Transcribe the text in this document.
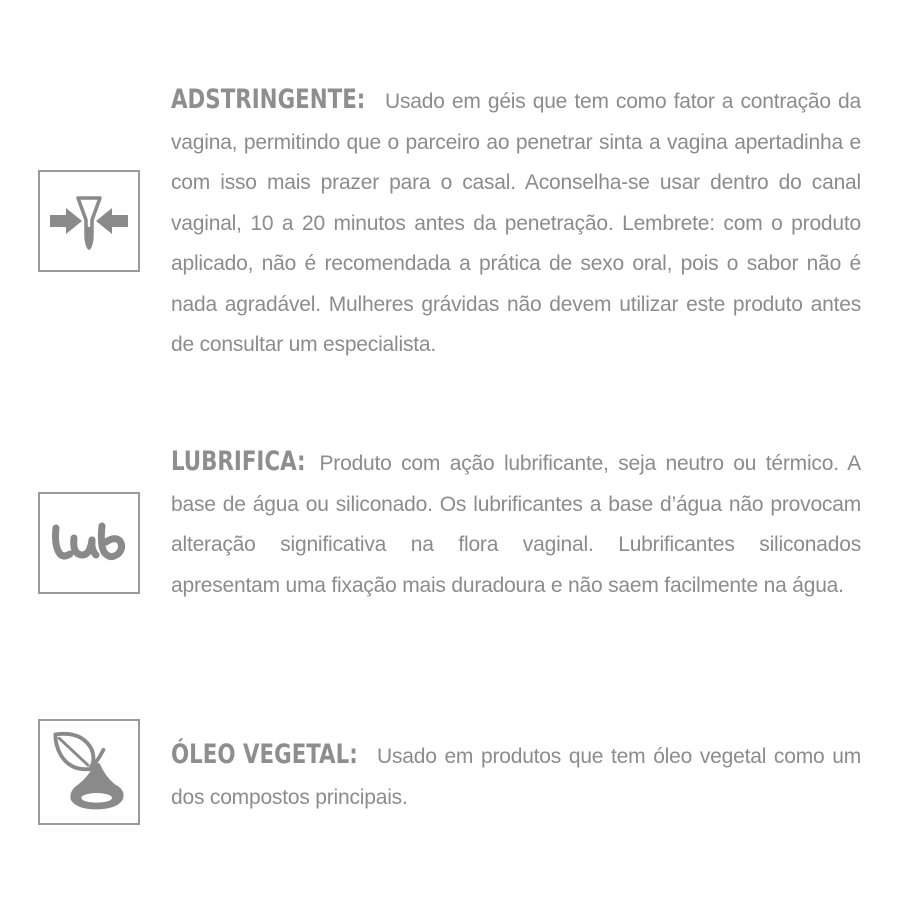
ADSTRINGENTE: Usado em géis que tem como fator a contração da vagina, permitindo que o parceiro ao penetrar sinta a vagina apertadinha e com isso mais prazer para o casal. Aconselha-se usar dentro do canal vaginal, 10 a 20 minutos antes da penetração. Lembrete: com o produto aplicado, não é recomendada a prática de sexo oral, pois o sabor não é nada agradável. Mulheres grávidas não devem utilizar este produto antes de consultar um especialista.
LUBRIFICA: Produto com ação lubrificante, seja neutro ou térmico. A base de água ou siliconado. Os lubrificantes a base d’água não provocam alteração significativa na flora vaginal. Lubrificantes siliconados apresentam uma fixação mais duradoura e não saem facilmente na água.
ÓLEO VEGETAL: Usado em produtos que tem óleo vegetal como um dos compostos principais.
